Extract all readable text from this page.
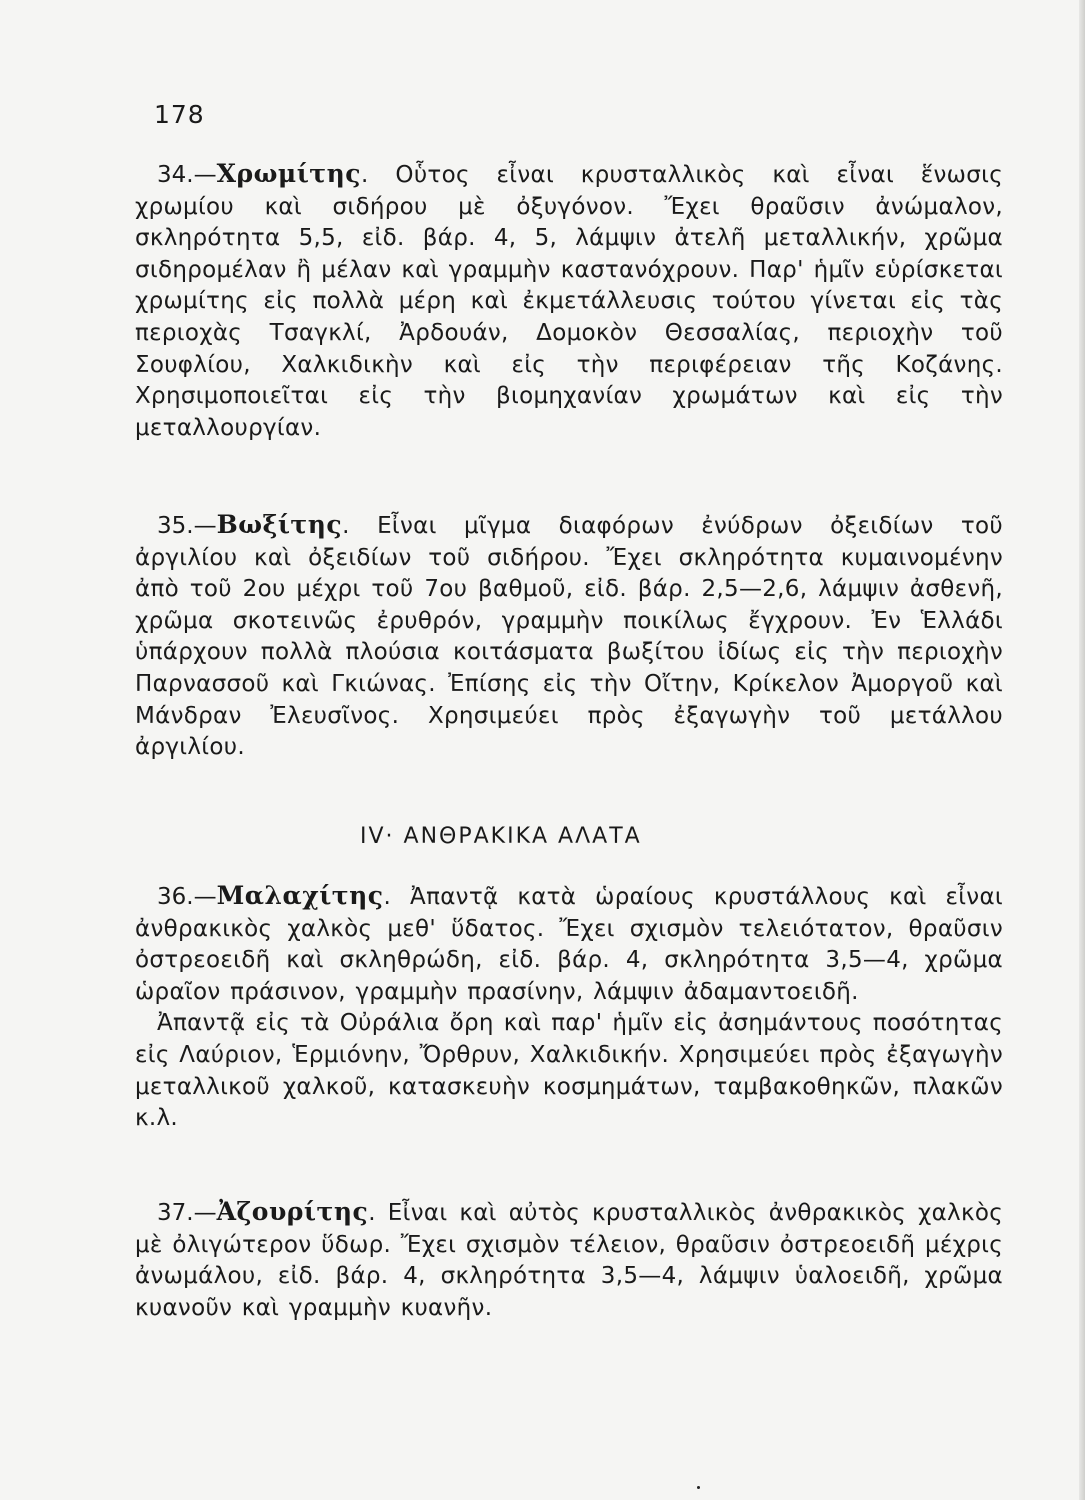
178

34.—Χρωμίτης. Οὗτος εἶναι κρυσταλλικὸς καὶ εἶναι ἕνωσις χρωμίου καὶ σιδήρου μὲ ὀξυγόνον. Ἔχει θραῦσιν ἀνώμαλον, σκληρότητα 5,5, εἰδ. βάρ. 4, 5, λάμψιν ἀτελῆ μεταλλικήν, χρῶμα σιδηρομέλαν ἢ μέλαν καὶ γραμμὴν καστανόχρουν. Παρ' ἡμῖν εὑρίσκεται χρωμίτης εἰς πολλὰ μέρη καὶ ἐκμετάλλευσις τούτου γίνεται εἰς τὰς περιοχὰς Τσαγκλί, Ἀρδουάν, Δομοκὸν Θεσσαλίας, περιοχὴν τοῦ Σουφλίου, Χαλκιδικὴν καὶ εἰς τὴν περιφέρειαν τῆς Κοζάνης. Χρησιμοποιεῖται εἰς τὴν βιομηχανίαν χρωμάτων καὶ εἰς τὴν μεταλλουργίαν.

35.—Βωξίτης. Εἶναι μῖγμα διαφόρων ἐνύδρων ὀξειδίων τοῦ ἀργιλίου καὶ ὀξειδίων τοῦ σιδήρου. Ἔχει σκληρότητα κυμαινομένην ἀπὸ τοῦ 2ου μέχρι τοῦ 7ου βαθμοῦ, εἰδ. βάρ. 2,5—2,6, λάμψιν ἀσθενῆ, χρῶμα σκοτεινῶς ἐρυθρόν, γραμμὴν ποικίλως ἔγχρουν. Ἐν Ἑλλάδι ὑπάρχουν πολλὰ πλούσια κοιτάσματα βωξίτου ἰδίως εἰς τὴν περιοχὴν Παρνασσοῦ καὶ Γκιώνας. Ἐπίσης εἰς τὴν Οἴτην, Κρίκελον Ἀμοργοῦ καὶ Μάνδραν Ἐλευσῖνος. Χρησιμεύει πρὸς ἐξαγωγὴν τοῦ μετάλλου ἀργιλίου.

IV· ΑΝΘΡΑΚΙΚΑ ΑΛΑΤΑ

36.—Μαλαχίτης. Ἀπαντᾷ κατὰ ὡραίους κρυστάλλους καὶ εἶναι ἀνθρακικὸς χαλκὸς μεθ' ὕδατος. Ἔχει σχισμὸν τελειότατον, θραῦσιν ὀστρεοειδῆ καὶ σκληθρώδη, εἰδ. βάρ. 4, σκληρότητα 3,5—4, χρῶμα ὡραῖον πράσινον, γραμμὴν πρασίνην, λάμψιν ἀδαμαντοειδῆ.

Ἀπαντᾷ εἰς τὰ Οὐράλια ὄρη καὶ παρ' ἡμῖν εἰς ἀσημάντους ποσότητας εἰς Λαύριον, Ἑρμιόνην, Ὄρθρυν, Χαλκιδικήν. Χρησιμεύει πρὸς ἐξαγωγὴν μεταλλικοῦ χαλκοῦ, κατασκευὴν κοσμημάτων, ταμβακοθηκῶν, πλακῶν κ.λ.

37.—Ἀζουρίτης. Εἶναι καὶ αὐτὸς κρυσταλλικὸς ἀνθρακικὸς χαλκὸς μὲ ὀλιγώτερον ὕδωρ. Ἔχει σχισμὸν τέλειον, θραῦσιν ὀστρεοειδῆ μέχρις ἀνωμάλου, εἰδ. βάρ. 4, σκληρότητα 3,5—4, λάμψιν ὑαλοειδῆ, χρῶμα κυανοῦν καὶ γραμμὴν κυανῆν.
